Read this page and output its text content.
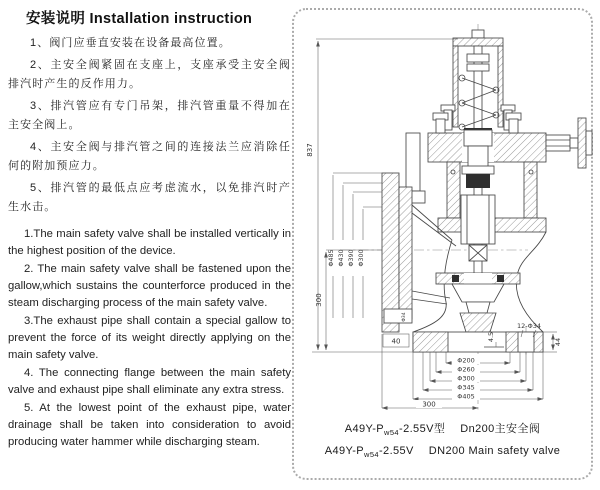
安装说明 Installation instruction

1、阀门应垂直安装在设备最高位置。

2、主安全阀紧固在支座上，支座承受主安全阀排汽时产生的反作用力。

3、排汽管应有专门吊架，排汽管重量不得加在主安全阀上。

4、主安全阀与排汽管之间的连接法兰应消除任何的附加预应力。

5、排汽管的最低点应考虑流水，以免排汽时产生水击。

1.The main safety valve shall be installed vertically in the highest position of the device.

2. The main safety valve shall be fastened upon the gallow,which sustains the counterforce produced in the steam discharging process of the main safety valve.

3.The exhaust pipe shall contain a special gallow to prevent the force of its weight directly applying on the main safety valve.

4. The connecting flange between the main safety valve and exhaust pipe shall eliminate any extra stress.

5. At the lowest point of the exhaust pipe, water drainage shall be taken into consideration to avoid producing water hammer while discharging steam.

837
300
Φ485 Φ430 Φ390 Φ300
40
Φ34
Φ200
Φ260
Φ300
Φ345
Φ405
300
12-Φ34
44
4.5
$A49Y-P_{w54}-2.55V$型 Dn200主安全阀
$A49Y-P_{w54}-2.55V$ DN200 Main safety valve
